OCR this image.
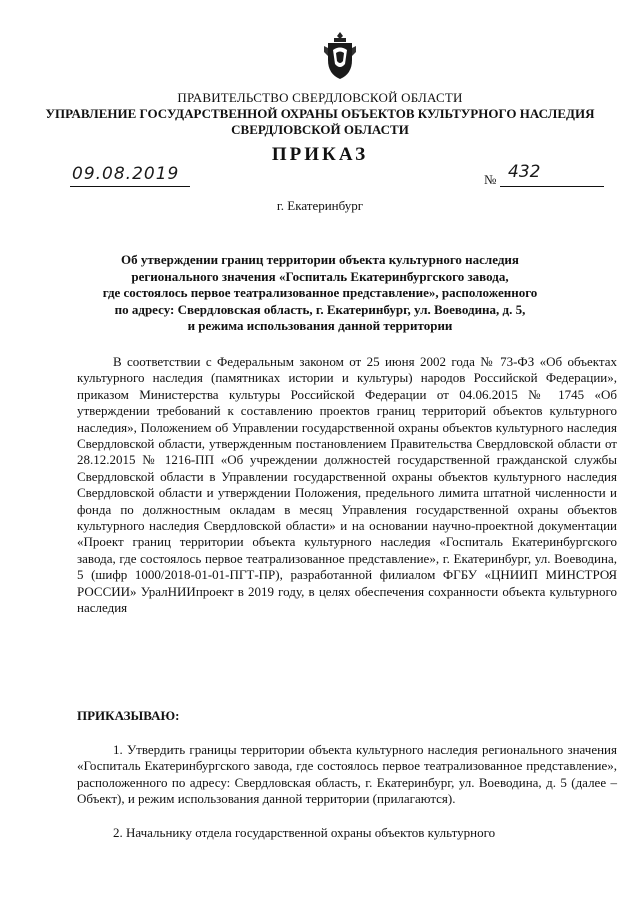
ПРАВИТЕЛЬСТВО СВЕРДЛОВСКОЙ ОБЛАСТИ
УПРАВЛЕНИЕ ГОСУДАРСТВЕННОЙ ОХРАНЫ ОБЪЕКТОВ КУЛЬТУРНОГО НАСЛЕДИЯ
СВЕРДЛОВСКОЙ ОБЛАСТИ
ПРИКАЗ
09.08.2019	№ 432
г. Екатеринбург
Об утверждении границ территории объекта культурного наследия
регионального значения «Госпиталь Екатеринбургского завода,
где состоялось первое театрализованное представление», расположенного
по адресу: Свердловская область, г. Екатеринбург, ул. Воеводина, д. 5,
и режима использования данной территории
В соответствии с Федеральным законом от 25 июня 2002 года № 73-ФЗ «Об объектах культурного наследия (памятниках истории и культуры) народов Российской Федерации», приказом Министерства культуры Российской Федерации от 04.06.2015 № 1745 «Об утверждении требований к составлению проектов границ территорий объектов культурного наследия», Положением об Управлении государственной охраны объектов культурного наследия Свердловской области, утвержденным постановлением Правительства Свердловской области от 28.12.2015 № 1216-ПП «Об учреждении должностей государственной гражданской службы Свердловской области в Управлении государственной охраны объектов культурного наследия Свердловской области и утверждении Положения, предельного лимита штатной численности и фонда по должностным окладам в месяц Управления государственной охраны объектов культурного наследия Свердловской области» и на основании научно-проектной документации «Проект границ территории объекта культурного наследия «Госпиталь Екатеринбургского завода, где состоялось первое театрализованное представление», г. Екатеринбург, ул. Воеводина, 5 (шифр 1000/2018-01-01-ПГТ-ПР), разработанной филиалом ФГБУ «ЦНИИП МИНСТРОЯ РОССИИ» УралНИИпроект в 2019 году, в целях обеспечения сохранности объекта культурного наследия
ПРИКАЗЫВАЮ:
1. Утвердить границы территории объекта культурного наследия регионального значения «Госпиталь Екатеринбургского завода, где состоялось первое театрализованное представление», расположенного по адресу: Свердловская область, г. Екатеринбург, ул. Воеводина, д. 5 (далее – Объект), и режим использования данной территории (прилагаются).
2. Начальнику отдела государственной охраны объектов культурного
